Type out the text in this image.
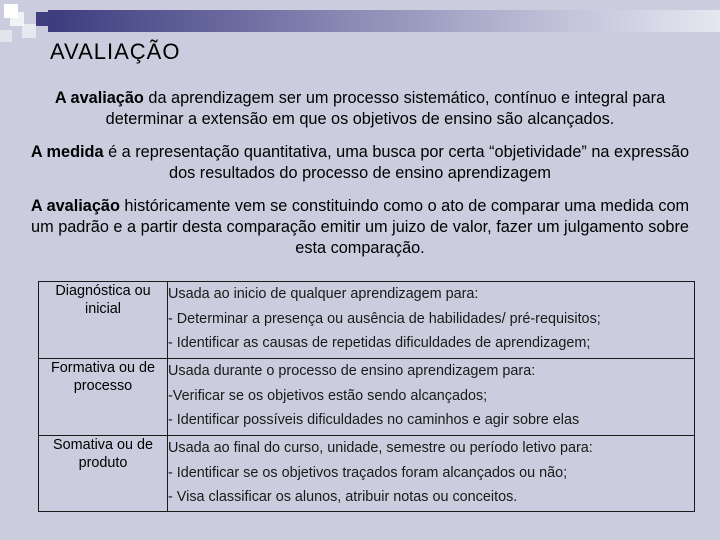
AVALIAÇÃO
A avaliação da aprendizagem ser um processo sistemático, contínuo e integral para determinar a extensão em que os objetivos de ensino são alcançados.
A medida é a representação quantitativa, uma busca por certa “objetividade” na expressão dos resultados do processo de ensino aprendizagem
A avaliação históricamente vem se constituindo como o ato de comparar uma medida com um padrão e a partir desta comparação emitir um juizo de valor, fazer um julgamento sobre esta comparação.
Diagnóstica ou inicial	Usada ao inicio de qualquer aprendizagem para:
- Determinar a presença ou ausência de habilidades/ pré-requisitos;
- Identificar as causas de repetidas dificuldades de aprendizagem;

Formativa ou de processo	Usada durante o processo de ensino aprendizagem para:
-Verificar se os objetivos estão sendo alcançados;
- Identificar possíveis dificuldades no caminhos e agir sobre elas

Somativa ou de produto	Usada ao final do curso, unidade, semestre ou período letivo para:
- Identificar se os objetivos traçados foram alcançados ou não;
- Visa classificar os alunos, atribuir notas ou conceitos.
